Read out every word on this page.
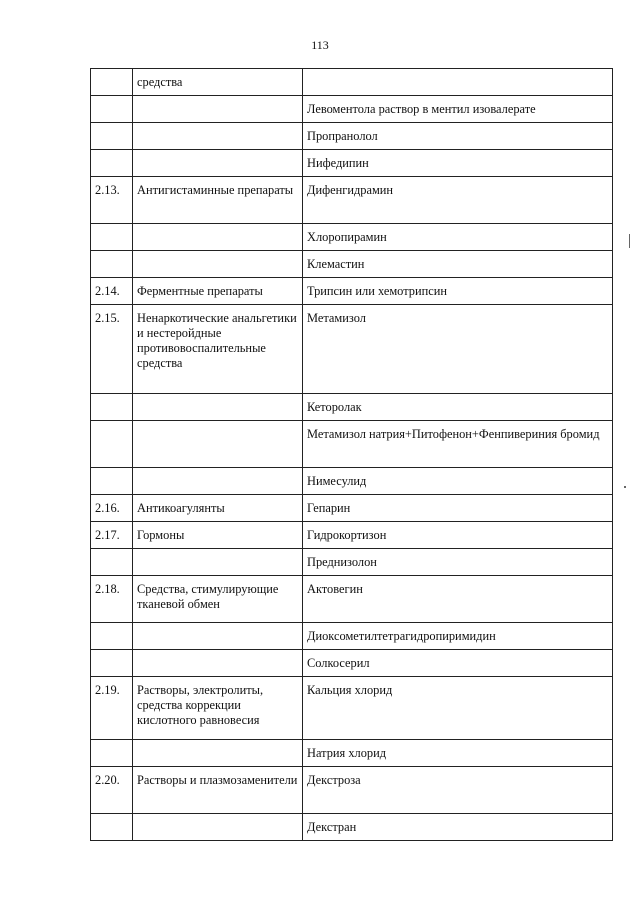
113
	средства	
		Левоментола раствор в ментил изовалерате
		Пропранолол
		Нифедипин
2.13.	Антигистаминные препараты	Дифенгидрамин
		Хлоропирамин
		Клемастин
2.14.	Ферментные препараты	Трипсин или хемотрипсин
2.15.	Ненаркотические анальгетики и нестеройдные противовоспалительные средства	Метамизол
		Кеторолак
		Метамизол натрия+Питофенон+Фенпивериния бромид
		Нимесулид
2.16.	Антикоагулянты	Гепарин
2.17.	Гормоны	Гидрокортизон
		Преднизолон
2.18.	Средства, стимулирующие тканевой обмен	Актовегин
		Диоксометилтетрагидропиримидин
		Солкосерил
2.19.	Растворы, электролиты, средства коррекции кислотного равновесия	Кальция хлорид
		Натрия хлорид
2.20.	Растворы и плазмозаменители	Декстроза
		Декстран
